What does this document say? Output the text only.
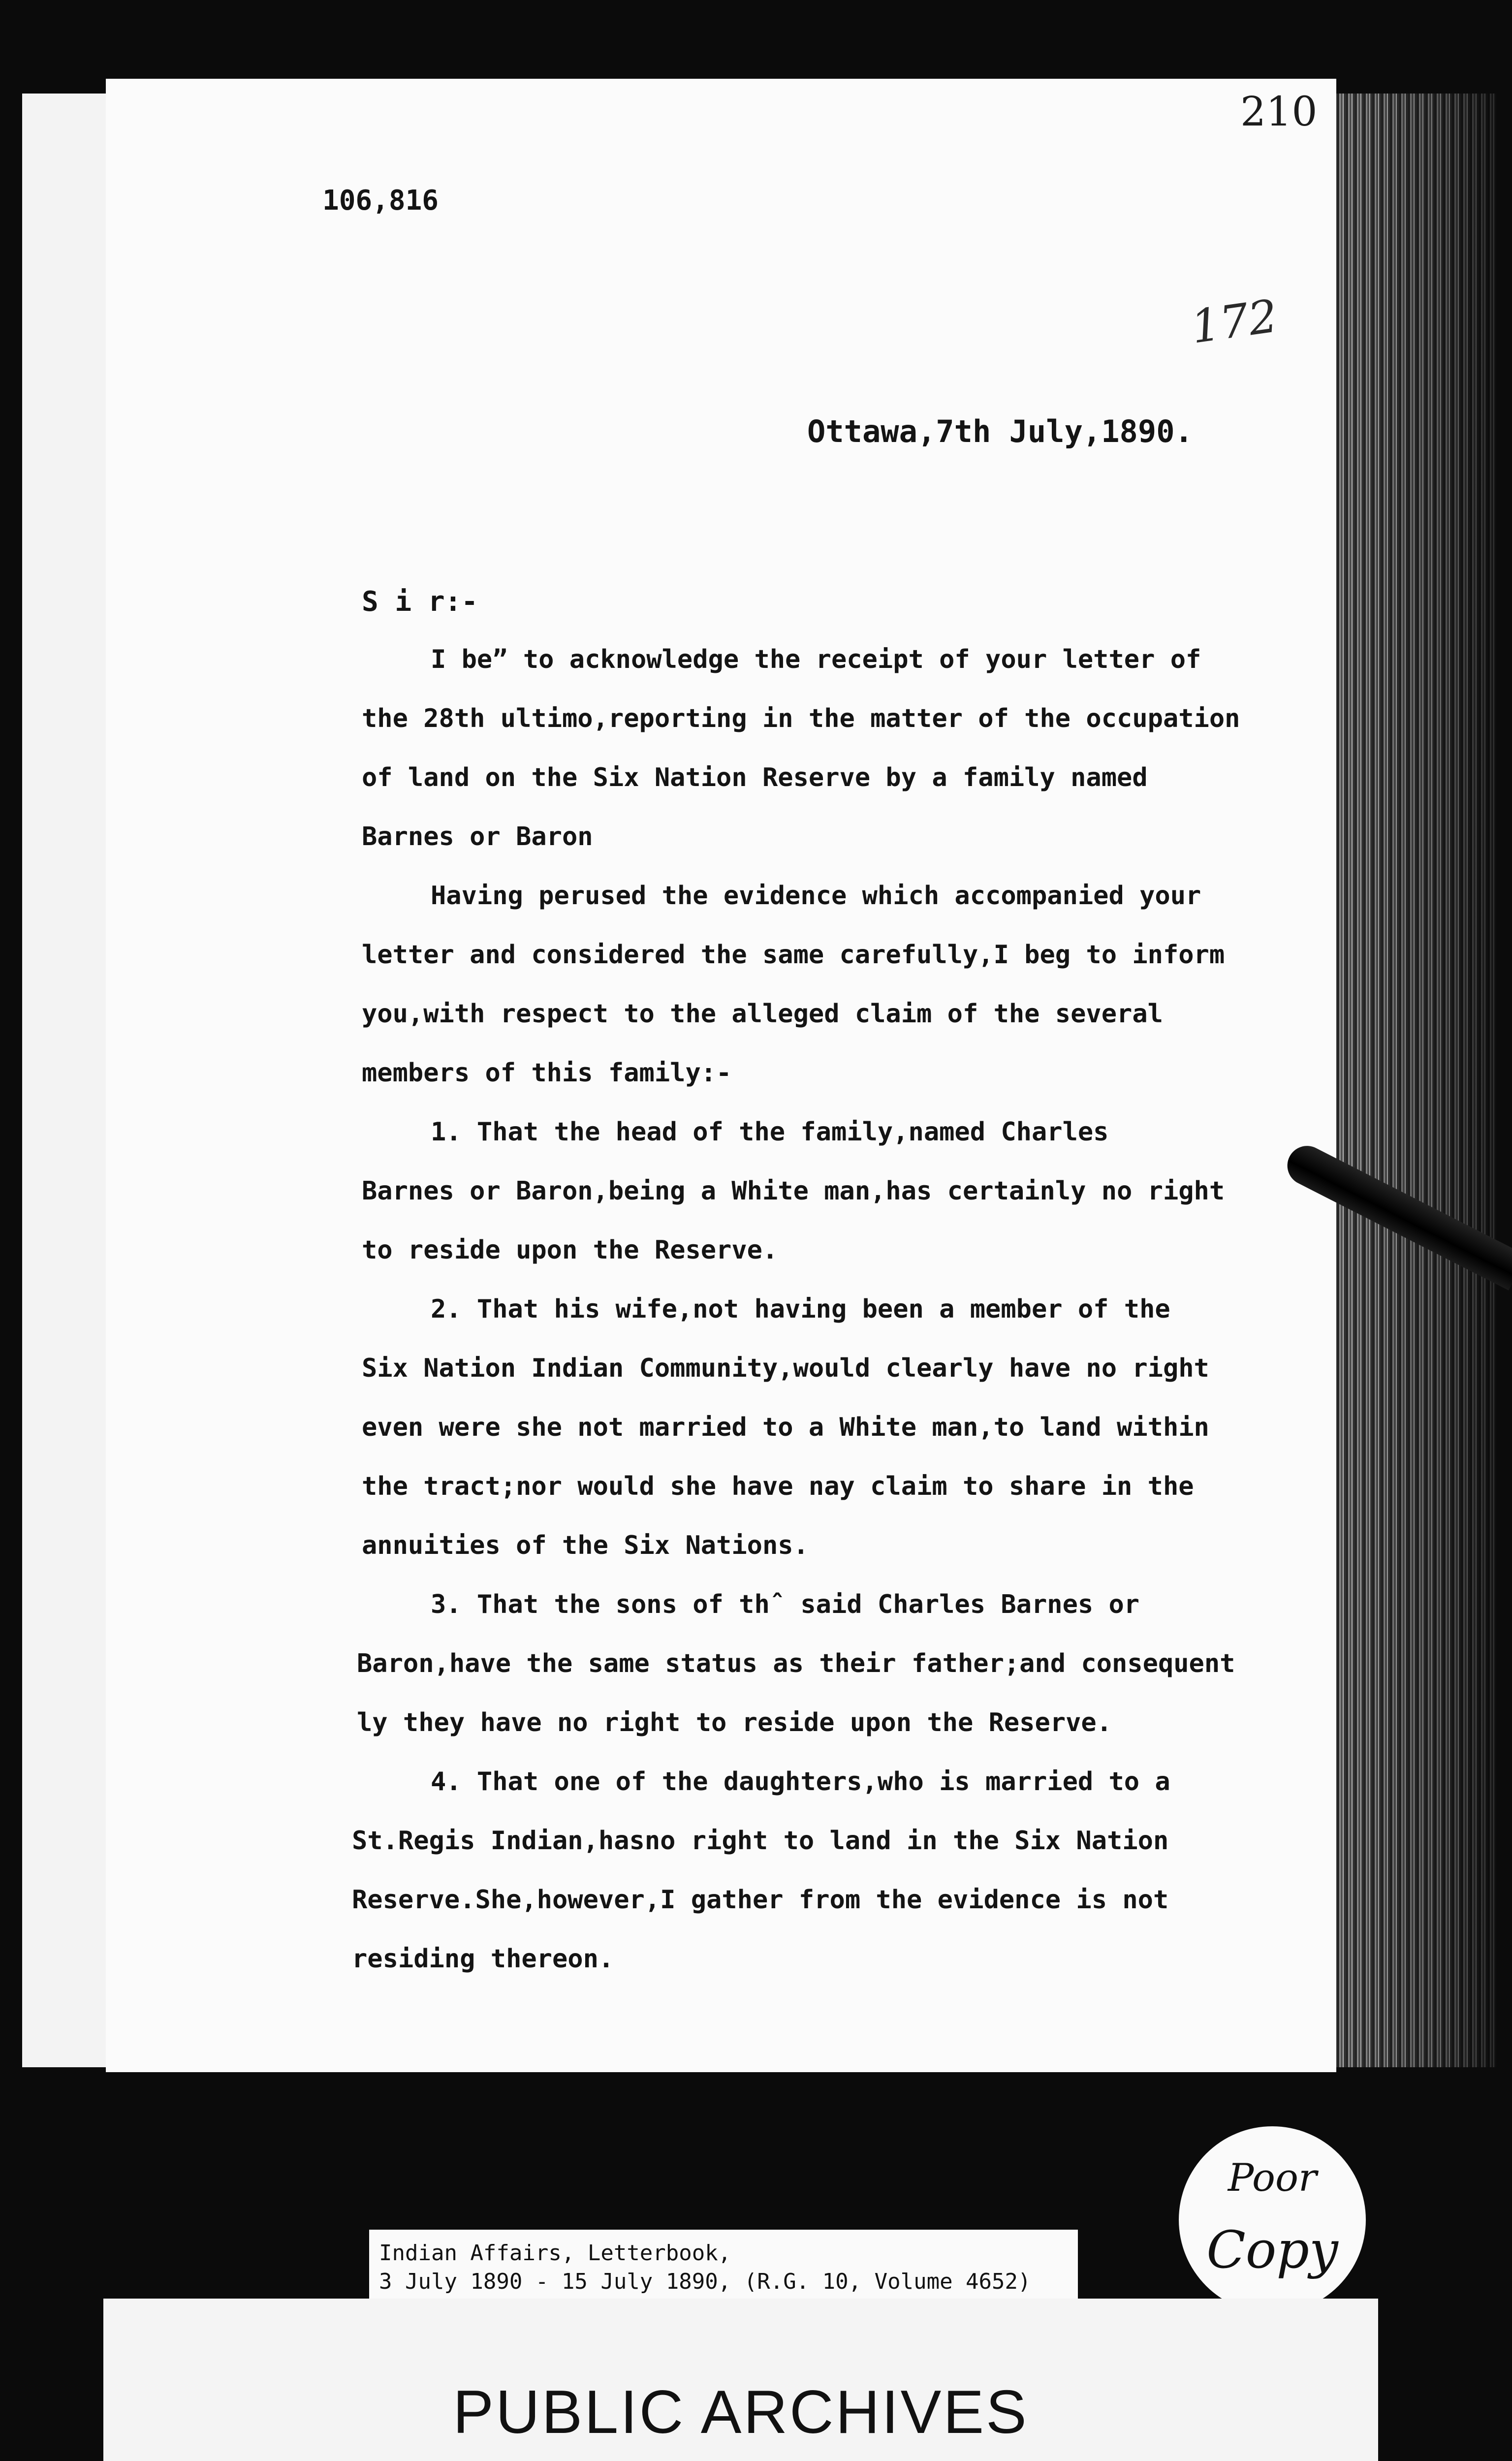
210
106,816
172
Ottawa,7th July,1890.
S i r:-
I be” to acknowledge the receipt of your letter of
the 28th ultimo,reporting in the matter of the occupation
of land on the Six Nation Reserve by a family named
Barnes or Baron
Having perused the evidence which accompanied your
letter and considered the same carefully,I beg to inform
you,with respect to the alleged claim of the several
members of this family:-
1. That the head of the family,named Charles
Barnes or Baron,being a White man,has certainly no right
to reside upon the Reserve.
2. That his wife,not having been a member of the
Six Nation Indian Community,would clearly have no right
even were she not married to a White man,to land within
the tract;nor would she have nay claim to share in the
annuities of the Six Nations.
3. That the sons of thˆ said Charles Barnes or
Baron,have the same status as their father;and consequent
ly they have no right to reside upon the Reserve.
4. That one of the daughters,who is married to a
St.Regis Indian,hasno right to land in the Six Nation
Reserve.She,however,I gather from the evidence is not
residing thereon.
Indian Affairs, Letterbook,
3 July 1890 - 15 July 1890, (R.G. 10, Volume 4652)
Poor
Copy
PUBLIC ARCHIVES
